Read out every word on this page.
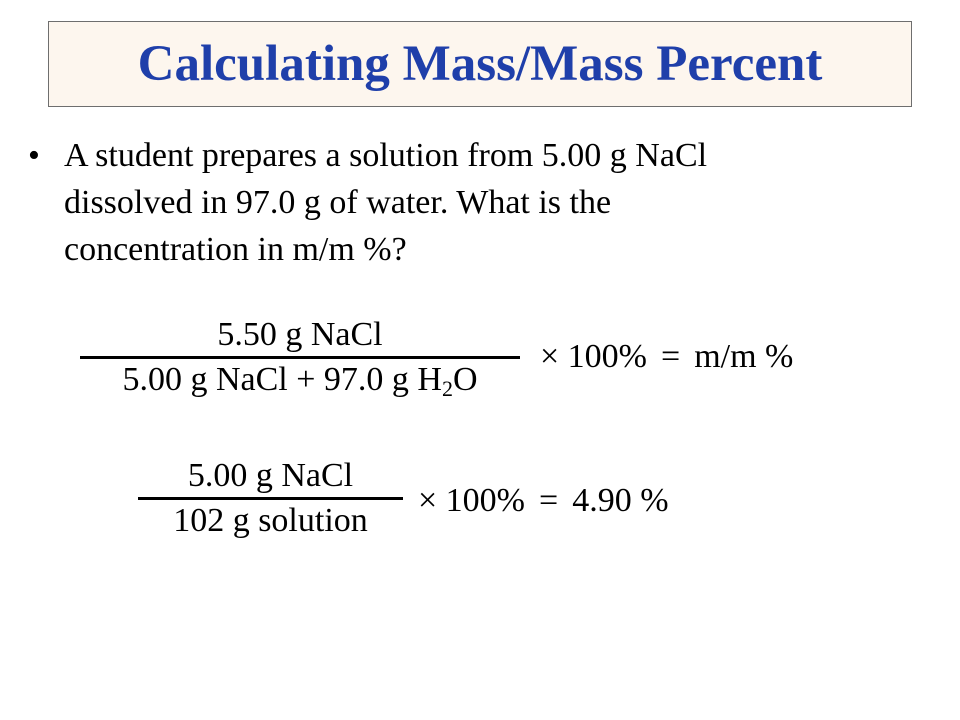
Calculating Mass/Mass Percent
• A student prepares a solution from 5.00 g NaCl
dissolved in 97.0 g of water. What is the
concentration in m/m %?
5.50 g NaCl
5.00 g NaCl + 97.0 g $H_2O$
× 100% = m/m %
5.00 g NaCl
102 g solution
× 100% = 4.90 %
